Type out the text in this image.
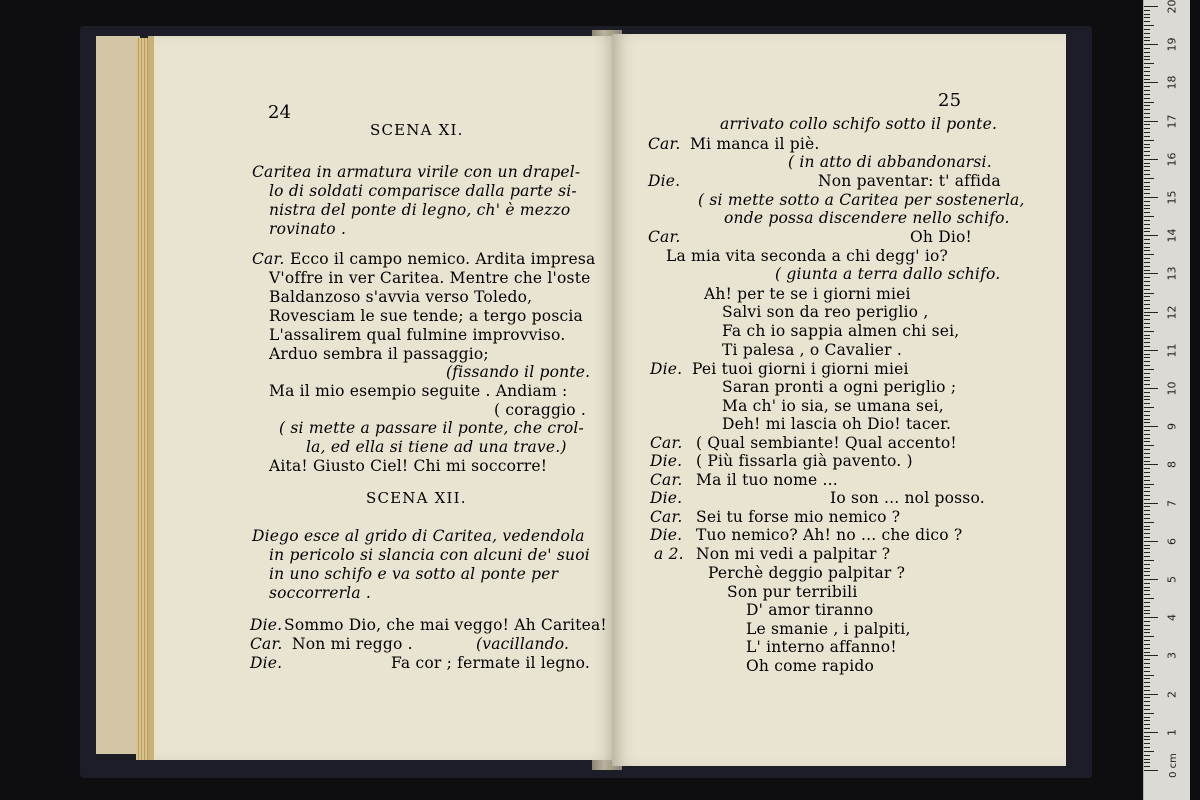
24
SCENA XI.
Caritea in armatura virile con un drapel-
lo di soldati comparisce dalla parte si-
nistra del ponte di legno, ch' è mezzo
rovinato .
Car. Ecco il campo nemico. Ardita impresa
V'offre in ver Caritea. Mentre che l'oste
Baldanzoso s'avvia verso Toledo,
Rovesciam le sue tende; a tergo poscia
L'assalirem qual fulmine improvviso.
Arduo sembra il passaggio;
(fissando il ponte.
Ma il mio esempio seguite . Andiam :
( coraggio .
( si mette a passare il ponte, che crol-
la, ed ella si tiene ad una trave.)
Aita! Giusto Ciel! Chi mi soccorre!
SCENA XII.
Diego esce al grido di Caritea, vedendola
in pericolo si slancia con alcuni de' suoi
in uno schifo e va sotto al ponte per
soccorrerla .
Die. Sommo Dio, che mai veggo! Ah Caritea!
Car. Non mi reggo .	(vacillando.
Die.	Fa cor ; fermate il legno.
25
arrivato collo schifo sotto il ponte.
Car. Mi manca il piè.
( in atto di abbandonarsi.
Die.	Non paventar: t' affida
( si mette sotto a Caritea per sostenerla,
onde possa discendere nello schifo.
Car.	Oh Dio!
La mia vita seconda a chi degg' io?
( giunta a terra dallo schifo.
Ah! per te se i giorni miei
Salvi son da reo periglio ,
Fa ch io sappia almen chi sei,
Ti palesa , o Cavalier .
Die. Pei tuoi giorni i giorni miei
Saran pronti a ogni periglio ;
Ma ch' io sia, se umana sei,
Deh! mi lascia oh Dio! tacer.
Car. ( Qual sembiante! Qual accento!
Die. ( Più fissarla già pavento. )
Car. Ma il tuo nome ...
Die.	Io son ... nol posso.
Car. Sei tu forse mio nemico ?
Die. Tuo nemico? Ah! no ... che dico ?
a 2. Non mi vedi a palpitar ?
Perchè deggio palpitar ?
Son pur terribili
D' amor tiranno
Le smanie , i palpiti,
L' interno affanno!
Oh come rapido
0 cm
20
19
18
17
16
15
14
13
12
11
10
9
8
7
6
5
4
3
2
1
